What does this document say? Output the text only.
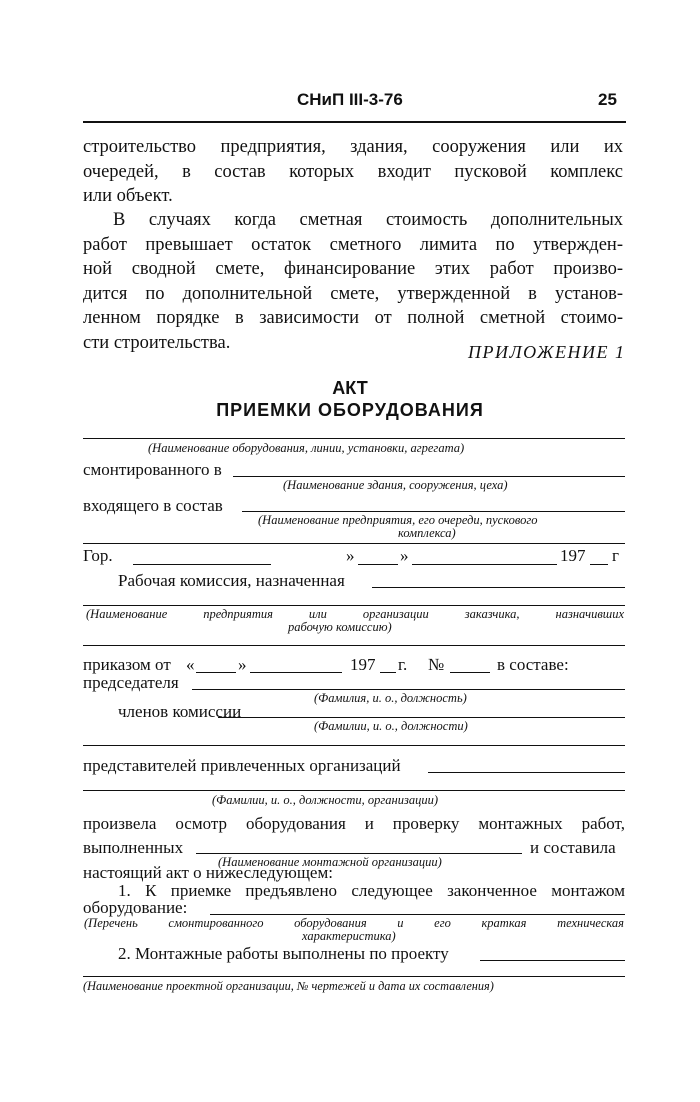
СНиП III-3-76	25
строительство предприятия, здания, сооружения или их
очередей, в состав которых входит пусковой комплекс
или объект.
В случаях когда сметная стоимость дополнительных
работ превышает остаток сметного лимита по утвержден-
ной сводной смете, финансирование этих работ произво-
дится по дополнительной смете, утвержденной в установ-
ленном порядке в зависимости от полной сметной стоимо-
сти строительства.	ПРИЛОЖЕНИЕ 1
АКТ
ПРИЕМКИ ОБОРУДОВАНИЯ
(Наименование оборудования, линии, установки, агрегата)
смонтированного в
(Наименование здания, сооружения, цеха)
входящего в состав
(Наименование предприятия, его очереди, пускового
комплекса)
Гор.	»	»	197 г
Рабочая комиссия, назначенная
(Наименование	предприятия	или	организации	заказчика,	назначивших
рабочую комиссию)
приказом от «	»	197 г. №	в составе:
председателя
(Фамилия, и. о., должность)
членов комиссии
(Фамилии, и. о., должности)
представителей привлеченных организаций
(Фамилии, и. о., должности, организации)
произвела осмотр оборудования и проверку монтажных работ,
выполненных	и составила
(Наименование монтажной организации)
настоящий акт о нижеследующем:
1. К приемке предъявлено следующее законченное монтажом
оборудование:
(Перечень смонтированного оборудования и его краткая техническая
характеристика)
2. Монтажные работы выполнены по проекту
(Наименование проектной организации, № чертежей и дата их составления)
